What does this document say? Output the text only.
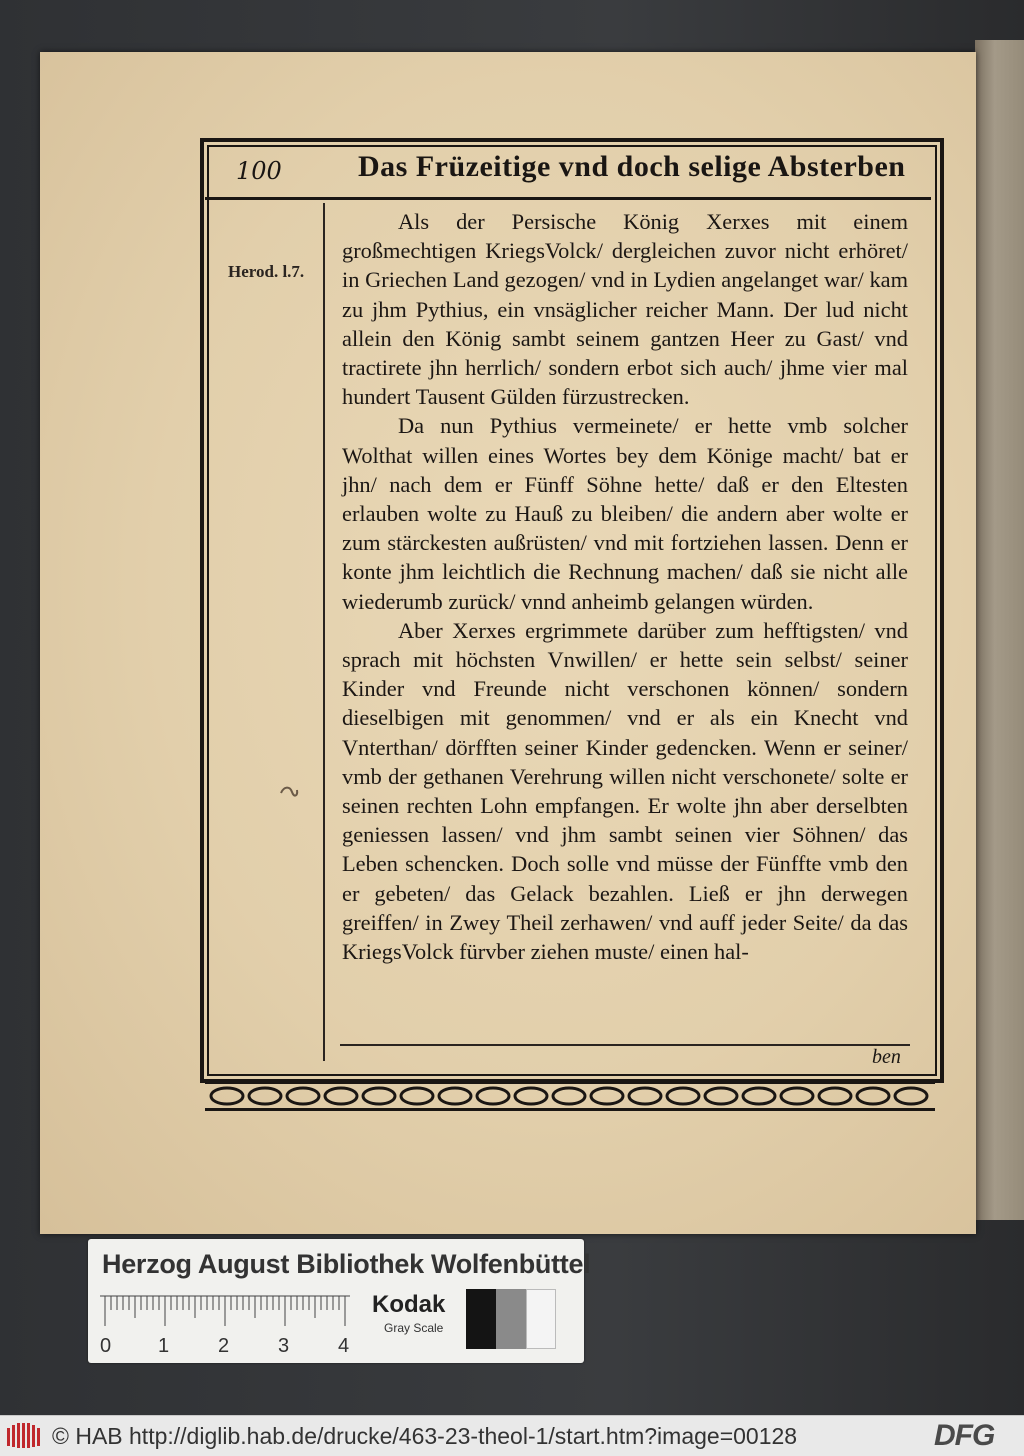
100	Das Früzeitige vnd doch selige Absterben
Herod. l.7.

Als der Persische König Xerxes mit einem großmechtigen KriegsVolck/ dergleichen zuvor nicht erhöret/ in Griechen Land gezogen/ vnd in Lydien angelanget war/ kam zu jhm Pythius, ein vnsäglicher reicher Mann. Der lud nicht allein den König sambt seinem gantzen Heer zu Gast/ vnd tractirete jhn herrlich/ sondern erbot sich auch/ jhme vier mal hundert Tausent Gülden fürzustrecken.

Da nun Pythius vermeinete/ er hette vmb solcher Wolthat willen eines Wortes bey dem Könige macht/ bat er jhn/ nach dem er Fünff Söhne hette/ daß er den Eltesten erlauben wolte zu Hauß zu bleiben/ die andern aber wolte er zum stärckesten außrüsten/ vnd mit fortziehen lassen. Denn er konte jhm leichtlich die Rechnung machen/ daß sie nicht alle wiederumb zurück/ vnnd anheimb gelangen würden.

Aber Xerxes ergrimmete darüber zum hefftigsten/ vnd sprach mit höchsten Vnwillen/ er hette sein selbst/ seiner Kinder vnd Freunde nicht verschonen können/ sondern dieselbigen mit genommen/ vnd er als ein Knecht vnd Vnterthan/ dörfften seiner Kinder gedencken. Wenn er seiner/ vmb der gethanen Verehrung willen nicht verschonete/ solte er seinen rechten Lohn empfangen. Er wolte jhn aber derselbten geniessen lassen/ vnd jhm sambt seinen vier Söhnen/ das Leben schencken. Doch solle vnd müsse der Fünffte vmb den er gebeten/ das Gelack bezahlen. Ließ er jhn derwegen greiffen/ in Zwey Theil zerhawen/ vnd auff jeder Seite/ da das KriegsVolck fürvber ziehen muste/ einen hal-

ben
Herzog August Bibliothek Wolfenbüttel
0 1 2 3 4
Kodak
Gray Scale
© HAB http://diglib.hab.de/drucke/463-23-theol-1/start.htm?image=00128	DFG
